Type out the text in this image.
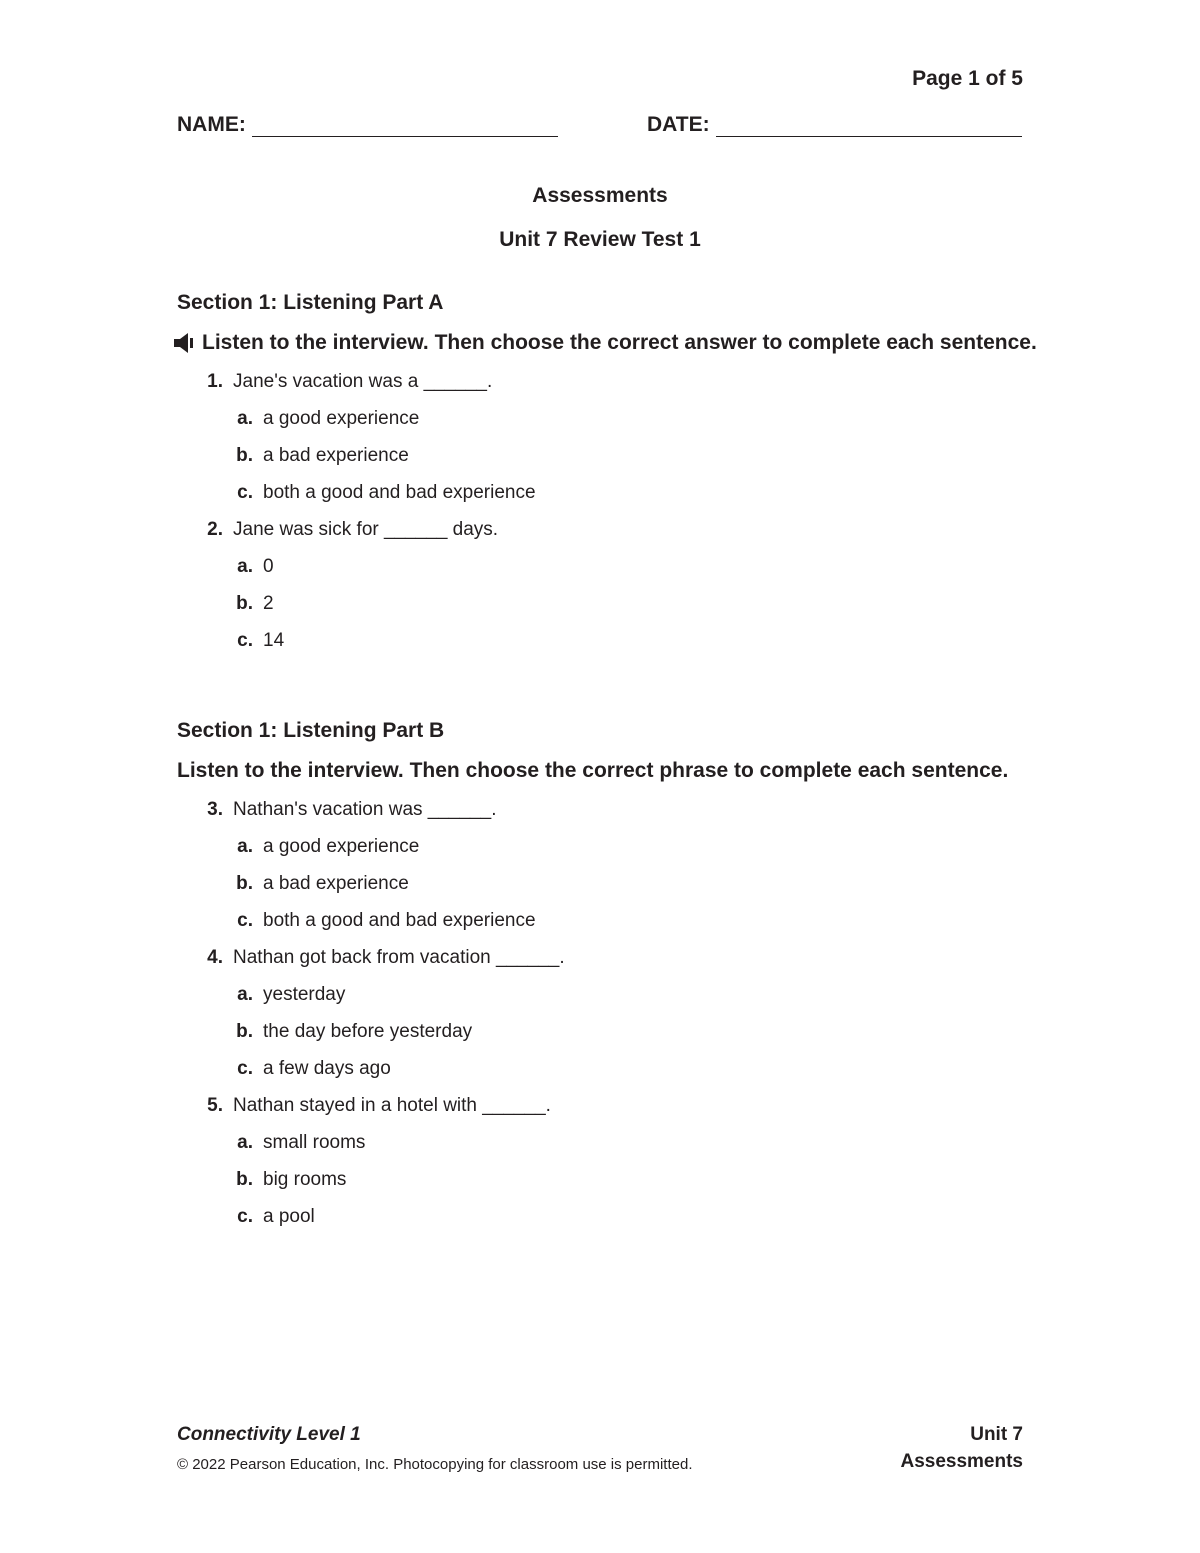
Page 1 of 5
NAME:	DATE:
Assessments
Unit 7 Review Test 1
Section 1: Listening Part A
Listen to the interview. Then choose the correct answer to complete each sentence.
1. Jane's vacation was a ______.
a. a good experience
b. a bad experience
c. both a good and bad experience
2. Jane was sick for ______ days.
a. 0
b. 2
c. 14
Section 1: Listening Part B
Listen to the interview. Then choose the correct phrase to complete each sentence.
3. Nathan's vacation was ______.
a. a good experience
b. a bad experience
c. both a good and bad experience
4. Nathan got back from vacation ______.
a. yesterday
b. the day before yesterday
c. a few days ago
5. Nathan stayed in a hotel with ______.
a. small rooms
b. big rooms
c. a pool
Connectivity Level 1
© 2022 Pearson Education, Inc. Photocopying for classroom use is permitted.
Unit 7
Assessments
